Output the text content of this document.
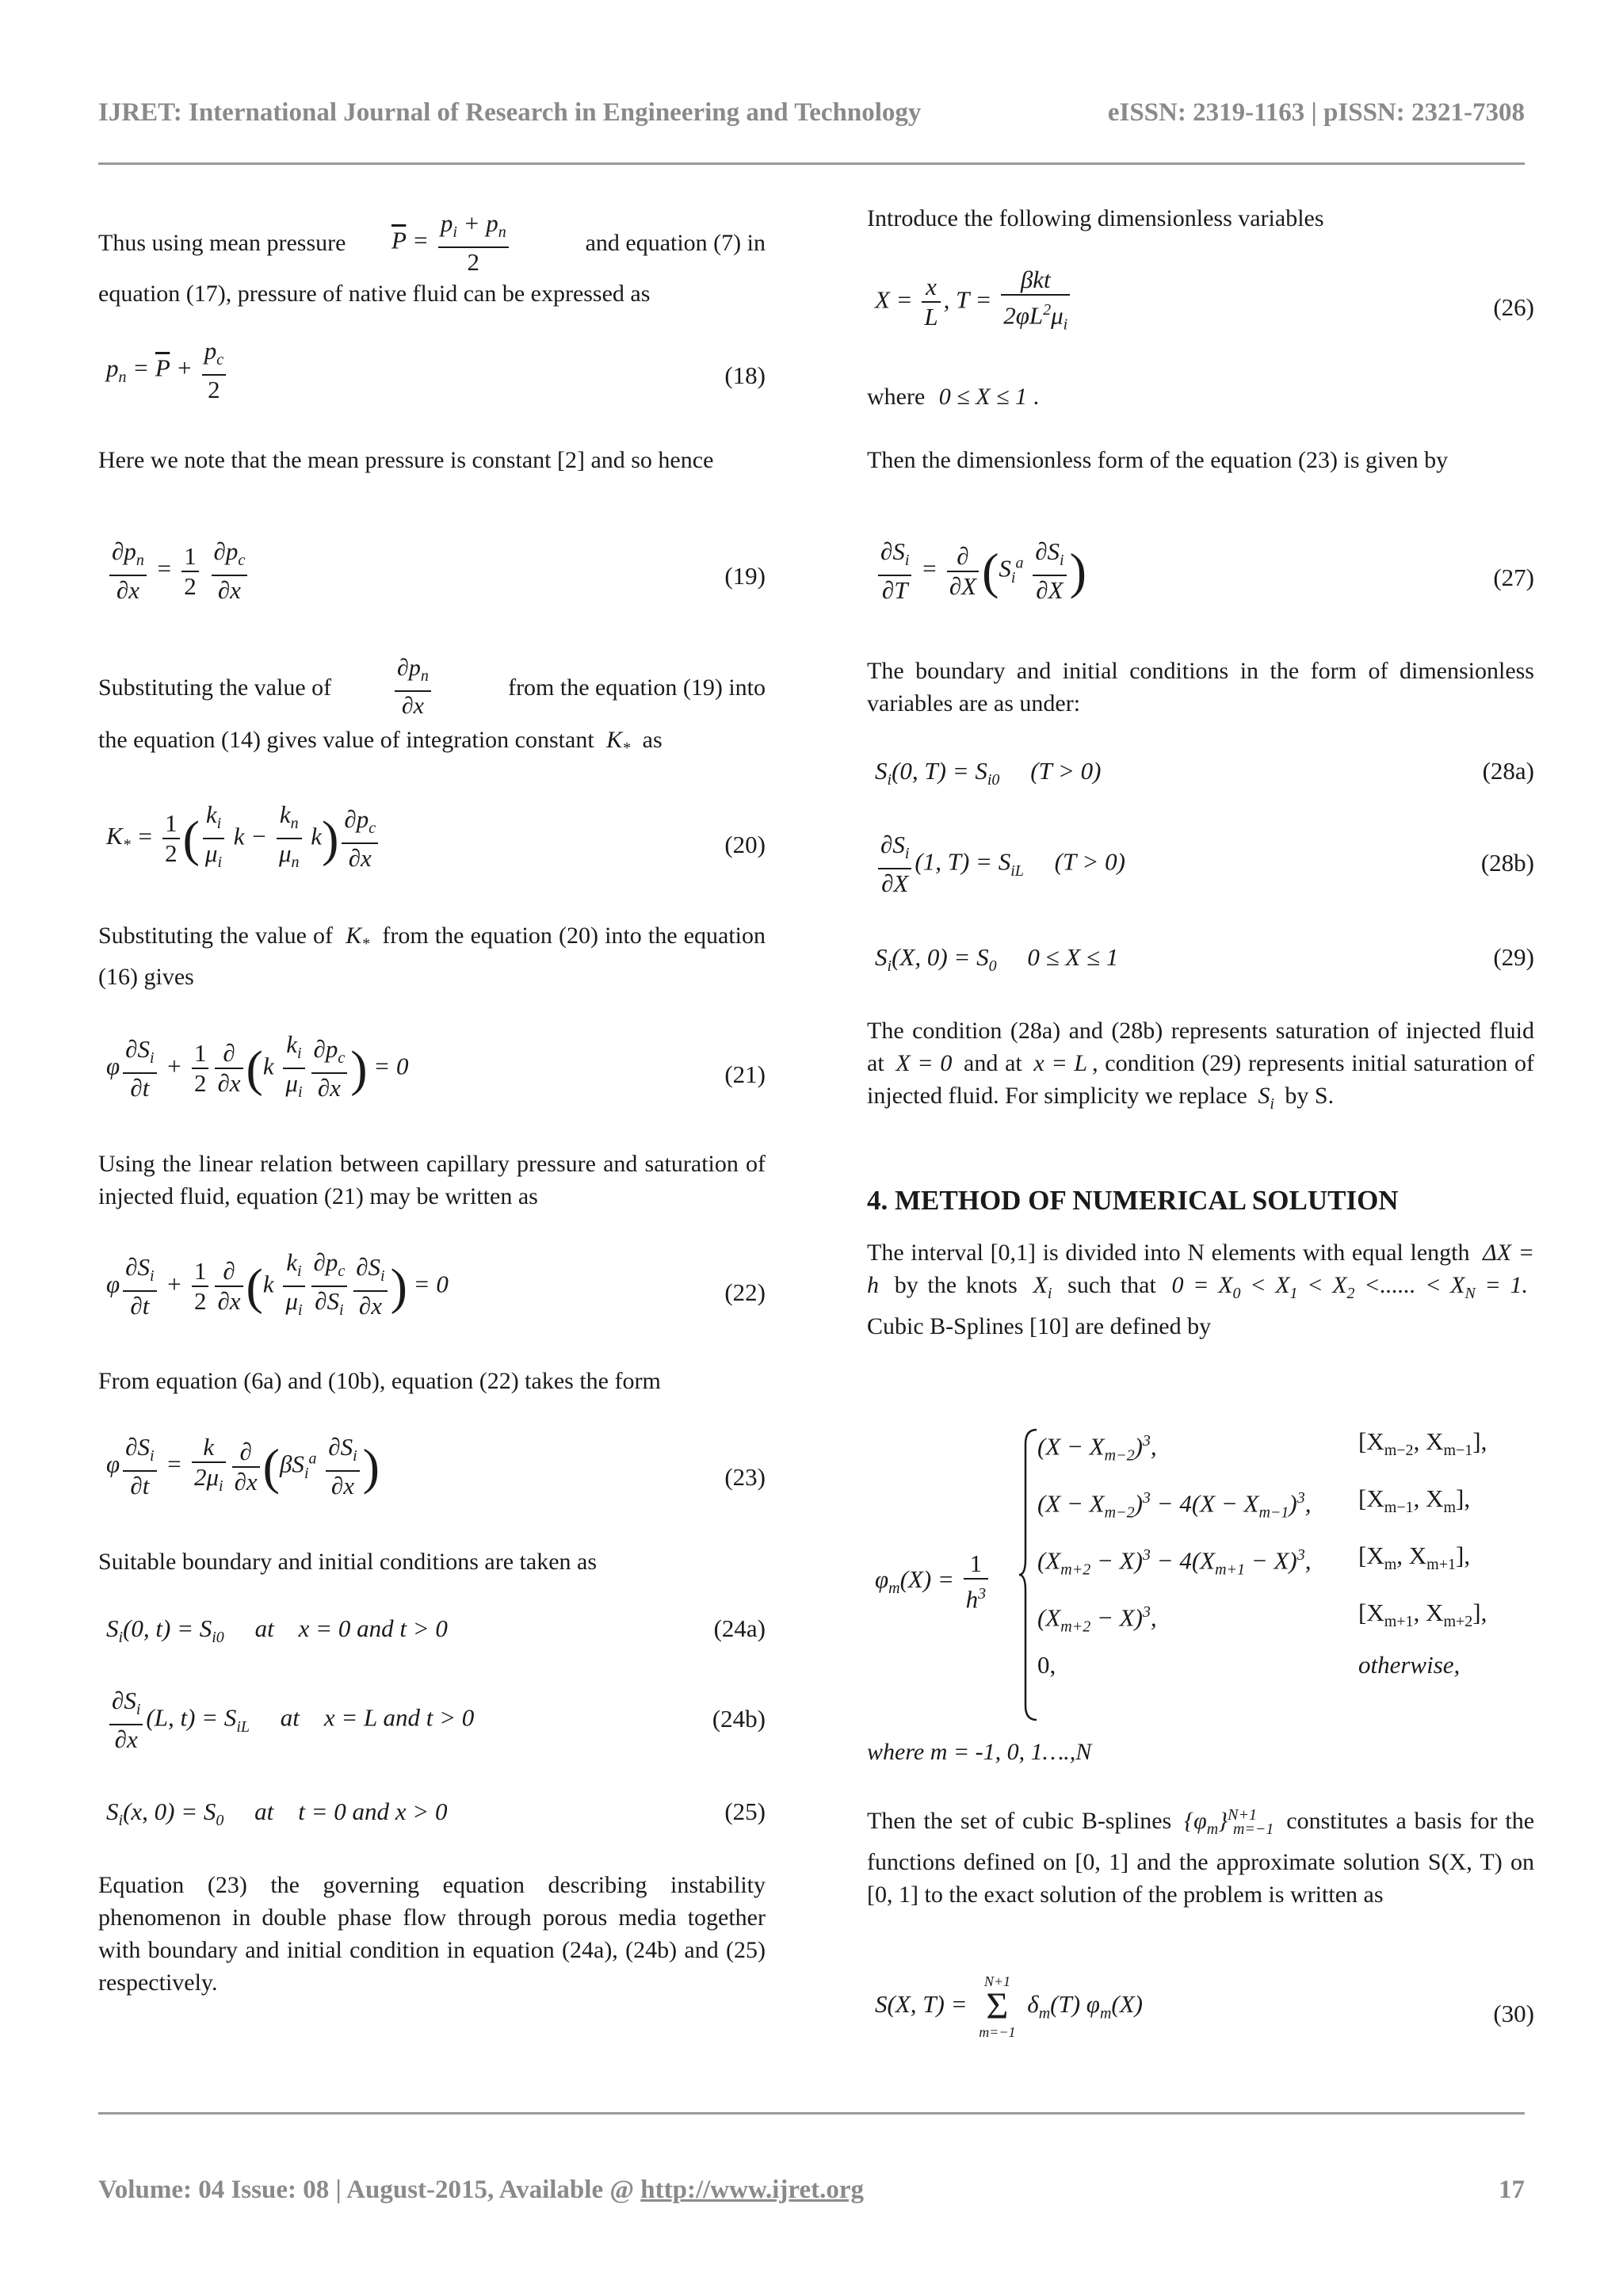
IJRET: International Journal of Research in Engineering and Technology	eISSN: 2319-1163 | pISSN: 2321-7308
Thus using mean pressure $\overline{P} = \frac{p_i + p_n}{2}$	and equation (7) in

equation (17), pressure of native fluid can be expressed as

$p_n = \overline{P} + \frac{p_c}{2}$	(18)

Here we note that the mean pressure is constant [2] and so hence

$\frac{\partial p_n}{\partial x} = \frac{1}{2}$
$\frac{\partial p_c}{\partial x}$	(19)
Substituting the value of	$\frac{\partial p_n}{\partial x}$	from the equation (19) into
the equation (14) gives value of integration constant $K_*$ as
$K_* = \frac{1}{2}$ ( $\frac{k_i}{\mu_i}$ $k - \frac{k_n}{\mu_n} k) \frac{\partial p_c}{\partial x}$	(20)

Substituting the value of $K_*$ from the equation (20) into the equation (16) gives

φ $\frac{\partial S_i}{\partial t} + \frac{1}{2} \frac{\partial}{\partial x} (k \frac{k_i}{\mu_i} \frac{\partial p_c}{\partial x}$ ) = 0	(21)

Using the linear relation between capillary pressure and saturation of injected fluid, equation (21) may be written as

φ $\frac{\partial S_i}{\partial t} + \frac{1}{2} \frac{\partial}{\partial x} (k \frac{k_i}{\mu_i} \frac{\partial p_c}{\partial S_i} \frac{\partial S_i}{\partial x}$ ) = 0	(22)

From equation (6a) and (10b), equation (22) takes the form

φ $\frac{\partial S_i}{\partial t} = \frac{k}{2\mu_i} \frac{\partial}{\partial x} (\beta S_i^a \frac{\partial S_i}{\partial x}$ )	(23)

Suitable boundary and initial conditions are taken as

$S_i(0$, $t) = S_{i0}$     at    x = 0 and t > 0	(24a)
$\frac{\partial S_i}{\partial x} (L$, $t) = S_{iL}$     at    x = L and t > 0	(24b)
$S_i(x$, $0) = S_0$     at    t = 0 and x > 0	(25)

Equation (23) the governing equation describing instability phenomenon in double phase flow through porous media together with boundary and initial condition in equation (24a), (24b) and (25) respectively.

Introduce the following dimensionless variables

$X = \frac{x}{L}$ , $T = \frac{\text{βkt}}{2\varphi L^2\mu_i}$	(26)
where 0 ≤ X ≤ 1 .

Then the dimensionless form of the equation (23) is given by

$\frac{\partial S_i}{\partial T} = \frac{\partial}{\partial X} (S_i^a \frac{\partial S_i}{\partial X}$ )	(27)

The boundary and initial conditions in the form of dimensionless variables are as under:

$S_i(0$, $T) = S_{i0}$     (T > 0)	(28a)
$\frac{\partial S_i}{\partial X} (1$, $T) = S_{iL}$     (T > 0)	(28b)
$S_i(X$, $0) = S_0$     0 ≤ X ≤ 1	(29)

The condition (28a) and (28b) represents saturation of injected fluid at X = 0 and at x = L , condition (29) represents initial saturation of injected fluid. For simplicity we replace $S_i$ by S.

4. METHOD OF NUMERICAL SOLUTION

The interval [0,1] is divided into N elements with equal length ΔX = h by the knots $X_i$ such that $0 = X_0 < X_1 < X_2$ <...... < $X_N = 1$. Cubic B-Splines [10] are defined by

$\varphi_m(X) = \frac{1}{h^3}$
$(X - X_{m-2})^3$,	[$X_{m-2}$, $X_{m-1}$],
$(X - X_{m-2})^3 - 4(X - X_{m-1})^3$, [$X_{m-1}$, $X_m$],
$(X_{m+2} - X)^3 - 4(X_{m+1} - X)^3$, [$X_m$, $X_{m+1}$],
$(X_{m+2} - X)^3$,	[$X_{m+1}$, $X_{m+2}$],
0,	otherwise,

where m = -1, 0, 1….,N

Then the set of cubic B-splines $\{\varphi_m\}^{N+1}_{m=-1}$ constitutes a basis for the functions defined on [0, 1] and the approximate solution S(X, T) on [0, 1] to the exact solution of the problem is written as

S(X, T) =
N+1
Σ
m=−1
$\delta_m(T)$ $\varphi_m(X)$	(30)
Volume: 04 Issue: 08 | August-2015, Available @ http://www.ijret.org	17
